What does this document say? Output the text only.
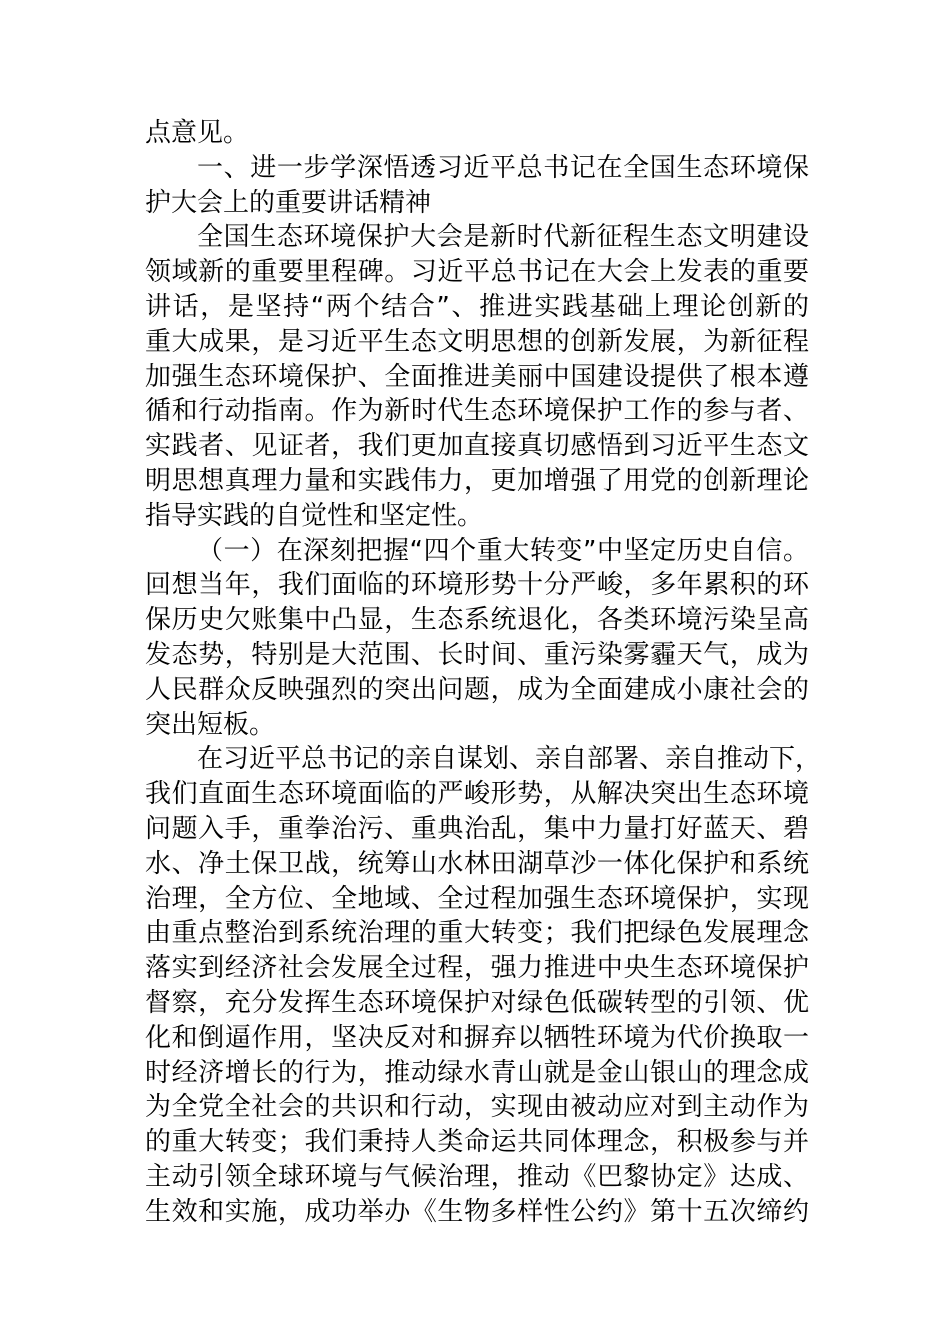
点意见。
一、进一步学深悟透习近平总书记在全国生态环境保
护大会上的重要讲话精神
全国生态环境保护大会是新时代新征程生态文明建设
领域新的重要里程碑。习近平总书记在大会上发表的重要
讲话，是坚持“两个结合”、推进实践基础上理论创新的
重大成果，是习近平生态文明思想的创新发展，为新征程
加强生态环境保护、全面推进美丽中国建设提供了根本遵
循和行动指南。作为新时代生态环境保护工作的参与者、
实践者、见证者，我们更加直接真切感悟到习近平生态文
明思想真理力量和实践伟力，更加增强了用党的创新理论
指导实践的自觉性和坚定性。
（一）在深刻把握“四个重大转变”中坚定历史自信。
回想当年，我们面临的环境形势十分严峻，多年累积的环
保历史欠账集中凸显，生态系统退化，各类环境污染呈高
发态势，特别是大范围、长时间、重污染雾霾天气，成为
人民群众反映强烈的突出问题，成为全面建成小康社会的
突出短板。
在习近平总书记的亲自谋划、亲自部署、亲自推动下，
我们直面生态环境面临的严峻形势，从解决突出生态环境
问题入手，重拳治污、重典治乱，集中力量打好蓝天、碧
水、净土保卫战，统筹山水林田湖草沙一体化保护和系统
治理，全方位、全地域、全过程加强生态环境保护，实现
由重点整治到系统治理的重大转变；我们把绿色发展理念
落实到经济社会发展全过程，强力推进中央生态环境保护
督察，充分发挥生态环境保护对绿色低碳转型的引领、优
化和倒逼作用，坚决反对和摒弃以牺牲环境为代价换取一
时经济增长的行为，推动绿水青山就是金山银山的理念成
为全党全社会的共识和行动，实现由被动应对到主动作为
的重大转变；我们秉持人类命运共同体理念，积极参与并
主动引领全球环境与气候治理，推动《巴黎协定》达成、
生效和实施，成功举办《生物多样性公约》第十五次缔约
